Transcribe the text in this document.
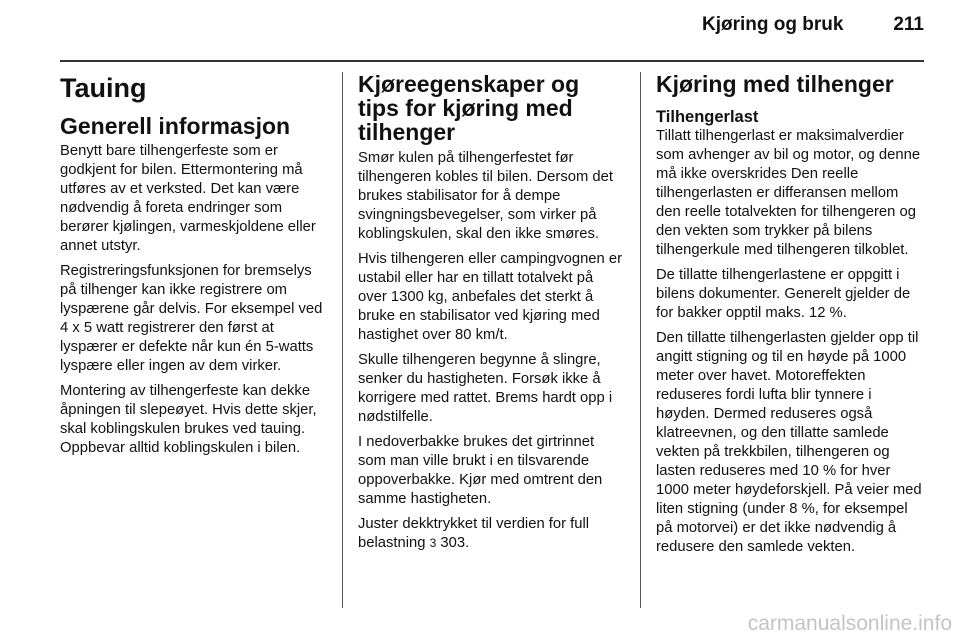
Kjøring og bruk	211
Tauing
Generell informasjon

Benytt bare tilhengerfeste som er godkjent for bilen. Ettermontering må utføres av et verksted. Det kan være nødvendig å foreta endringer som berører kjølingen, varmeskjoldene eller annet utstyr.

Registreringsfunksjonen for bremselys på tilhenger kan ikke registrere om lyspærene går delvis. For eksempel ved 4 x 5 watt registrerer den først at lyspærer er defekte når kun én 5-watts lyspære eller ingen av dem virker.

Montering av tilhengerfeste kan dekke åpningen til slepeøyet. Hvis dette skjer, skal koblingskulen brukes ved tauing. Oppbevar alltid koblingskulen i bilen.

Kjøreegenskaper og tips for kjøring med tilhenger

Smør kulen på tilhengerfestet før tilhengeren kobles til bilen. Dersom det brukes stabilisator for å dempe svingningsbevegelser, som virker på koblingskulen, skal den ikke smøres.

Hvis tilhengeren eller campingvognen er ustabil eller har en tillatt totalvekt på over 1300 kg, anbefales det sterkt å bruke en stabilisator ved kjøring med hastighet over 80 km/t.

Skulle tilhengeren begynne å slingre, senker du hastigheten. Forsøk ikke å korrigere med rattet. Brems hardt opp i nødstilfelle.

I nedoverbakke brukes det girtrinnet som man ville brukt i en tilsvarende oppoverbakke. Kjør med omtrent den samme hastigheten.

Juster dekktrykket til verdien for full belastning 3 303.

Kjøring med tilhenger
Tilhengerlast

Tillatt tilhengerlast er maksimalverdier som avhenger av bil og motor, og denne må ikke overskrides Den reelle tilhengerlasten er differansen mellom den reelle totalvekten for tilhengeren og den vekten som trykker på bilens tilhengerkule med tilhengeren tilkoblet.

De tillatte tilhengerlastene er oppgitt i bilens dokumenter. Generelt gjelder de for bakker opptil maks. 12 %.

Den tillatte tilhengerlasten gjelder opp til angitt stigning og til en høyde på 1000 meter over havet. Motoreffekten reduseres fordi lufta blir tynnere i høyden. Dermed reduseres også klatreevnen, og den tillatte samlede vekten på trekkbilen, tilhengeren og lasten reduseres med 10 % for hver 1000 meter høydeforskjell. På veier med liten stigning (under 8 %, for eksempel på motorvei) er det ikke nødvendig å redusere den samlede vekten.

carmanualsonline.info
